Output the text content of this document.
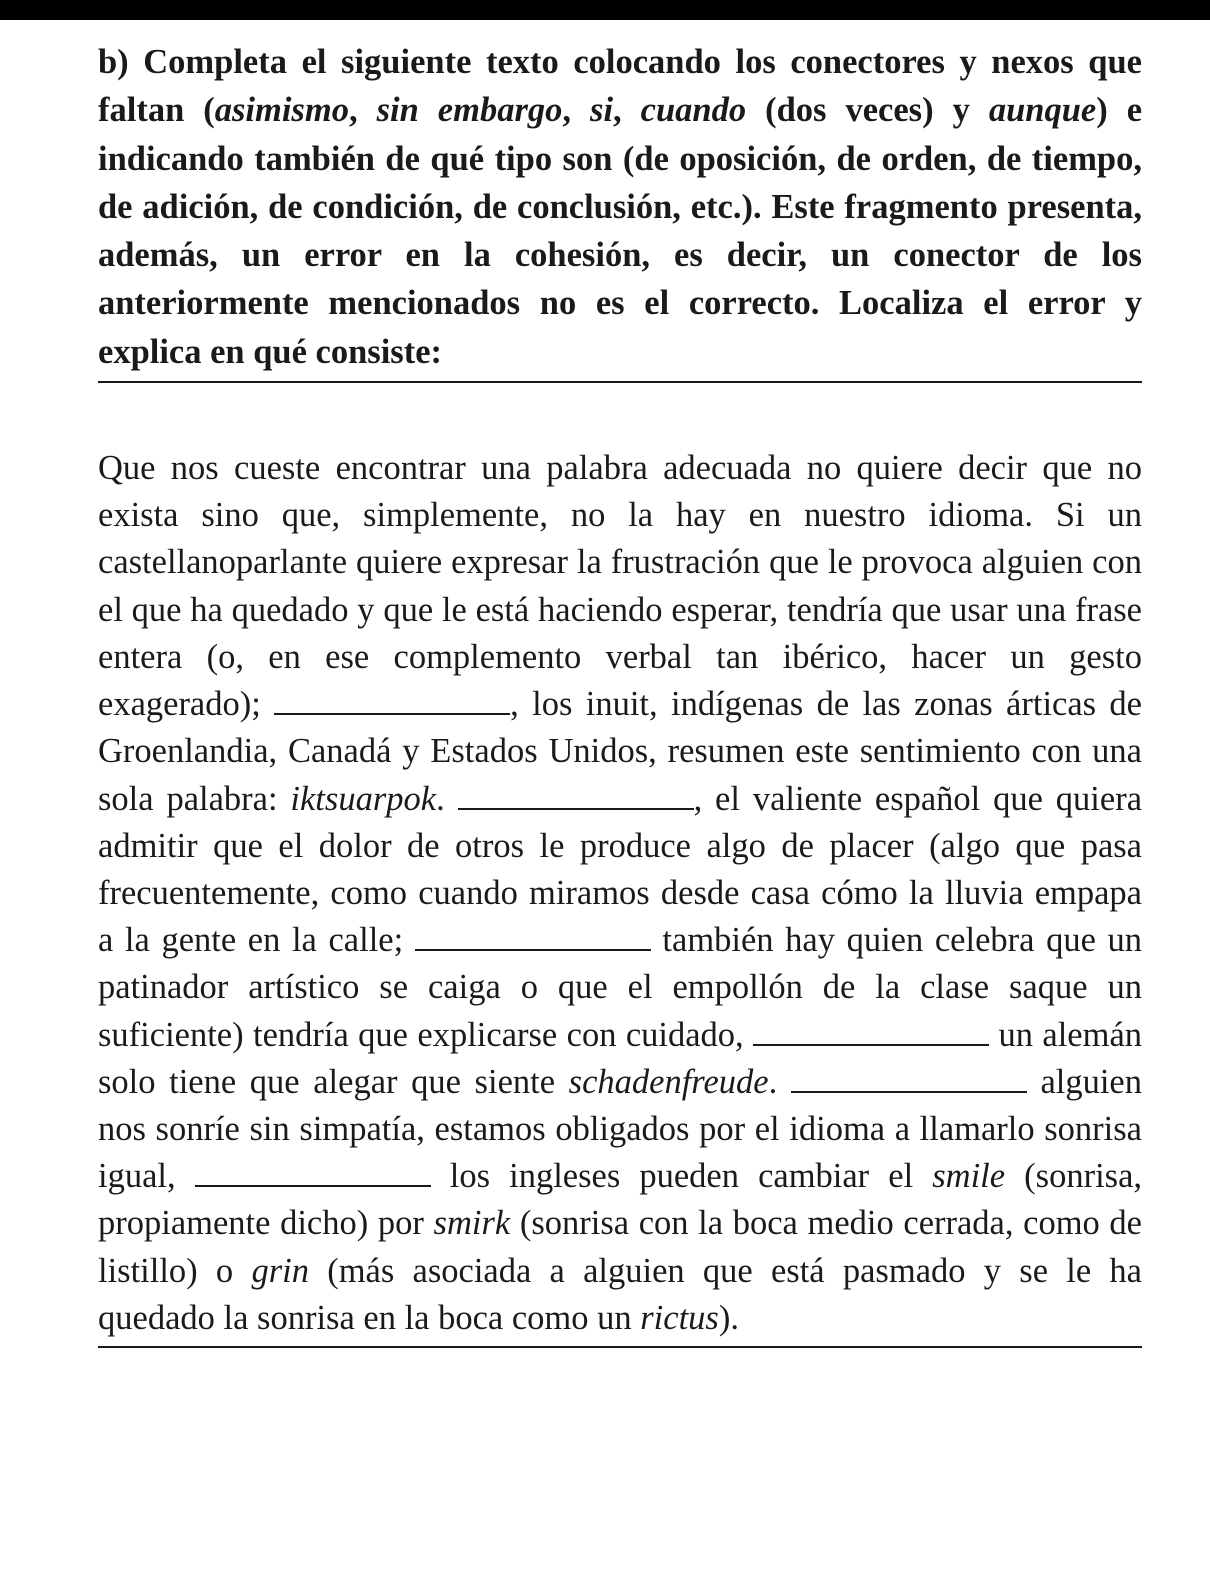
b) Completa el siguiente texto colocando los conectores y nexos que faltan (asimismo, sin embargo, si, cuando (dos veces) y aunque) e indicando también de qué tipo son (de oposición, de orden, de tiempo, de adición, de condición, de conclusión, etc.). Este fragmento presenta, además, un error en la cohesión, es decir, un conector de los anteriormente mencionados no es el correcto. Localiza el error y explica en qué consiste:

Que nos cueste encontrar una palabra adecuada no quiere decir que no exista sino que, simplemente, no la hay en nuestro idioma. Si un castellanoparlante quiere expresar la frustración que le provoca alguien con el que ha quedado y que le está haciendo esperar, tendría que usar una frase entera (o, en ese complemento verbal tan ibérico, hacer un gesto exagerado);	, los inuit, indígenas de las zonas árticas de Groenlandia, Canadá y Estados Unidos, resumen este sentimiento con una sola palabra: iktsuarpok.	, el valiente español que quiera admitir que el dolor de otros le produce algo de placer (algo que pasa frecuentemente, como cuando miramos desde casa cómo la lluvia empapa a la gente en la calle;	también hay quien celebra que un patinador artístico se caiga o que el empollón de la clase saque un suficiente) tendría que explicarse con cuidado,	un alemán solo tiene que alegar que siente schadenfreude.	alguien nos sonríe sin simpatía, estamos obligados por el idioma a llamarlo sonrisa igual,	los ingleses pueden cambiar el smile (sonrisa, propiamente dicho) por smirk (sonrisa con la boca medio cerrada, como de listillo) o grin (más asociada a alguien que está pasmado y se le ha quedado la sonrisa en la boca como un rictus).
